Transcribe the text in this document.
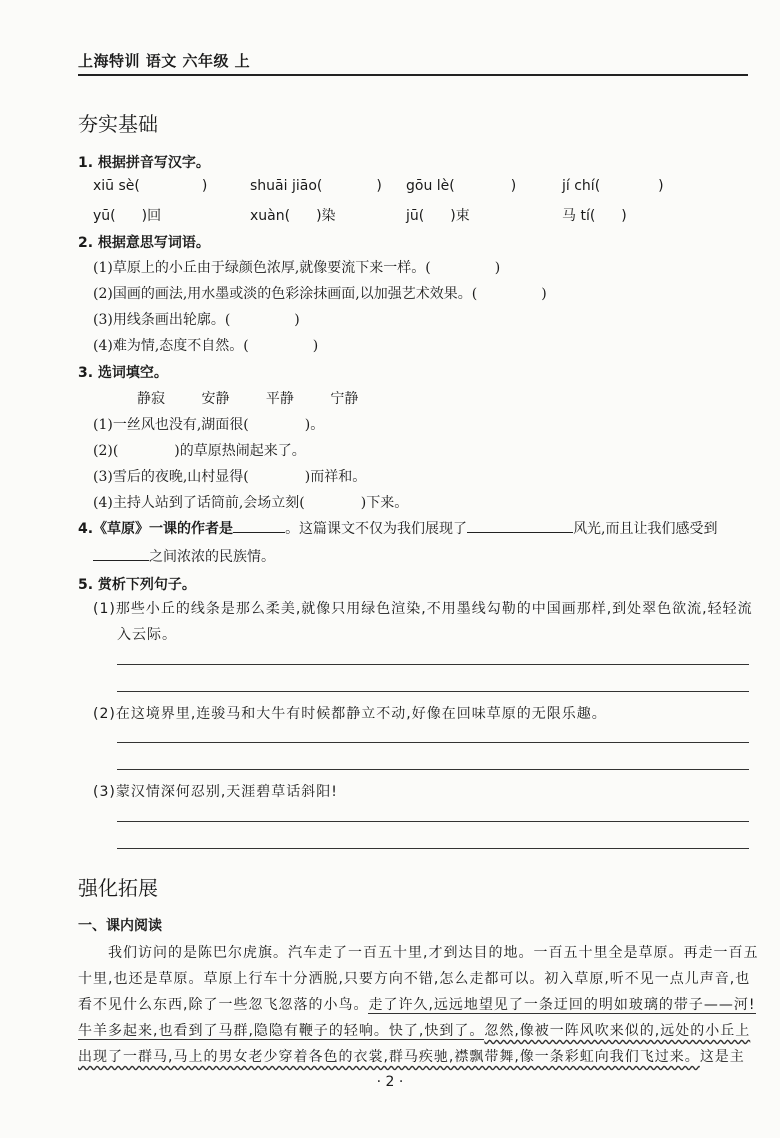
上海特训 语文 六年级 上
夯实基础
1. 根据拼音写汉字。
xiū sè(	)	shuāi jiāo(	) gōu lè(	)	jí chí(	)
yū( )回	xuàn( )染	jū( )束	马 tí( )
2. 根据意思写词语。
(1)草原上的小丘由于绿颜色浓厚,就像要流下来一样。(	)
(2)国画的画法,用水墨或淡的色彩涂抹画面,以加强艺术效果。(	)
(3)用线条画出轮廓。(	)
(4)难为情,态度不自然。(	)
3. 选词填空。
静寂	安静	平静	宁静
(1)一丝风也没有,湖面很(	)。
(2)(	)的草原热闹起来了。
(3)雪后的夜晚,山村显得(	)而祥和。
(4)主持人站到了话筒前,会场立刻(	)下来。
4.《草原》一课的作者是	。这篇课文不仅为我们展现了	风光,而且让我们感受到
之间浓浓的民族情。
5. 赏析下列句子。
(1)那些小丘的线条是那么柔美,就像只用绿色渲染,不用墨线勾勒的中国画那样,到处翠色欲流,轻轻流
入云际。
(2)在这境界里,连骏马和大牛有时候都静立不动,好像在回味草原的无限乐趣。
(3)蒙汉情深何忍别,天涯碧草话斜阳!
强化拓展
一、课内阅读
我们访问的是陈巴尔虎旗。汽车走了一百五十里,才到达目的地。一百五十里全是草原。再走一百五
十里,也还是草原。草原上行车十分洒脱,只要方向不错,怎么走都可以。初入草原,听不见一点儿声音,也
看不见什么东西,除了一些忽飞忽落的小鸟。走了许久,远远地望见了一条迂回的明如玻璃的带子——河!
牛羊多起来,也看到了马群,隐隐有鞭子的轻响。快了,快到了。忽然,像被一阵风吹来似的,远处的小丘上
出现了一群马,马上的男女老少穿着各色的衣裳,群马疾驰,襟飘带舞,像一条彩虹向我们飞过来。这是主
· 2 ·
